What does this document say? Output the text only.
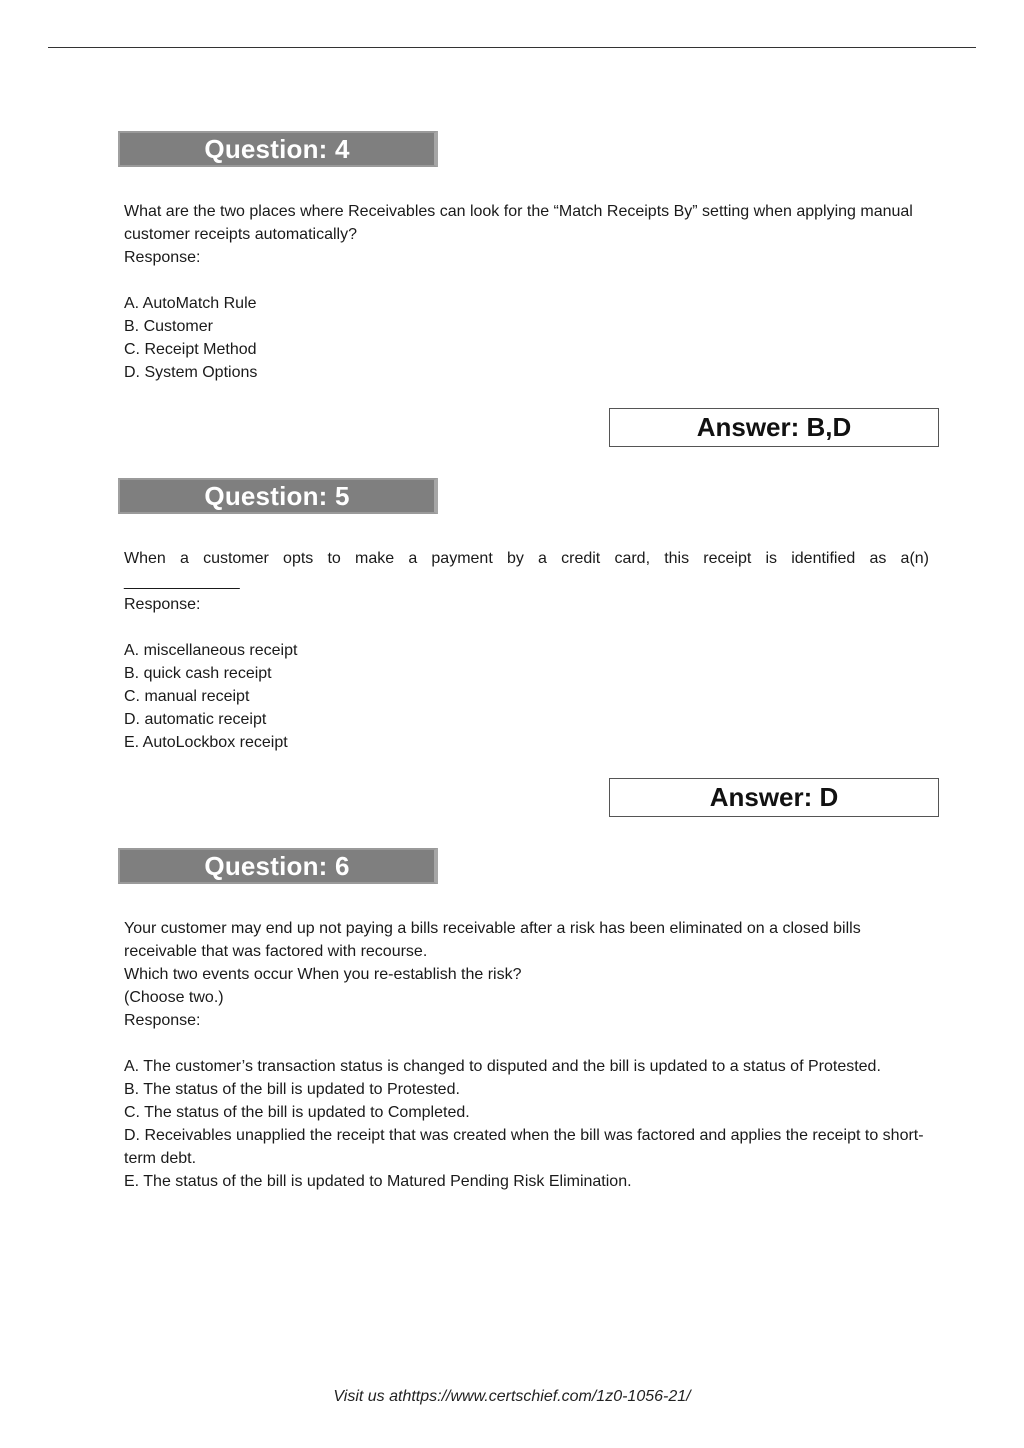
Question: 4

What are the two places where Receivables can look for the “Match Receipts By” setting when applying manual customer receipts automatically?

Response:

A. AutoMatch Rule

B. Customer

C. Receipt Method

D. System Options

Answer: B,D
Question: 5

When a customer opts to make a payment by a credit card, this receipt is identified as a(n)

_____________

Response:

A. miscellaneous receipt

B. quick cash receipt

C. manual receipt

D. automatic receipt

E. AutoLockbox receipt

Answer: D
Question: 6

Your customer may end up not paying a bills receivable after a risk has been eliminated on a closed bills receivable that was factored with recourse.

Which two events occur When you re-establish the risk?

(Choose two.)

Response:

A. The customer’s transaction status is changed to disputed and the bill is updated to a status of Protested.

B. The status of the bill is updated to Protested.

C. The status of the bill is updated to Completed.

D. Receivables unapplied the receipt that was created when the bill was factored and applies the receipt to short-term debt.

E. The status of the bill is updated to Matured Pending Risk Elimination.

Visit us athttps://www.certschief.com/1z0-1056-21/
